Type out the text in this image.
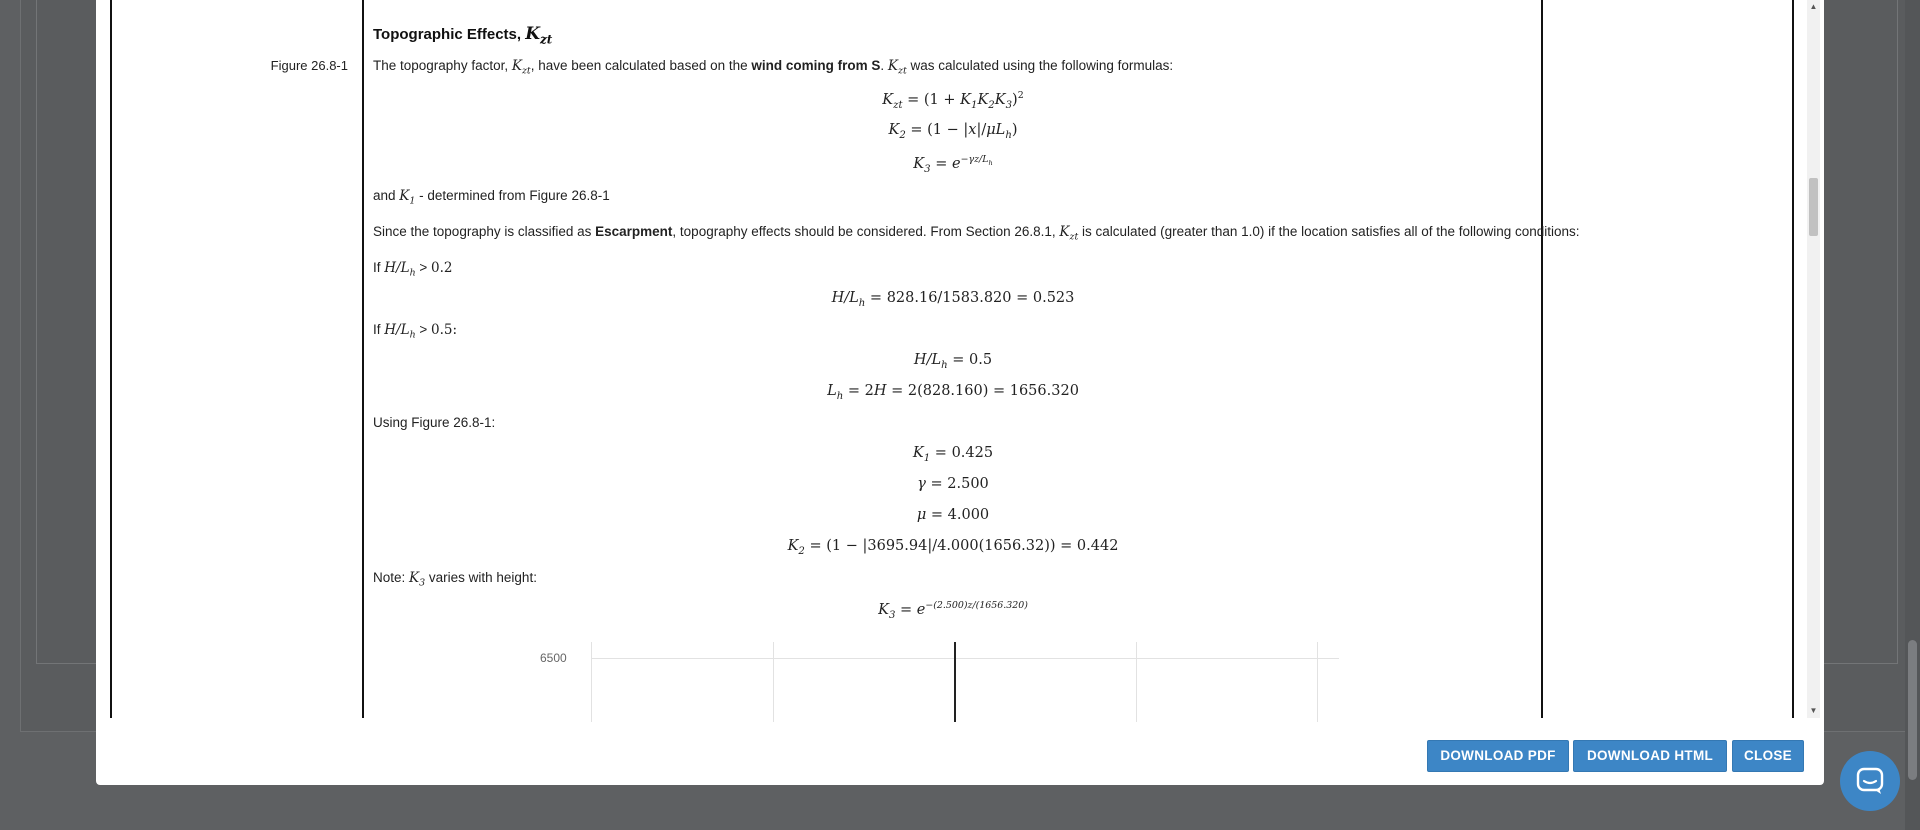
Figure 26.8-1
Topographic Effects, $K_{zt}$
The topography factor, $K_{zt}$, have been calculated based on the wind coming from S. $K_{zt}$ was calculated using the following formulas:
$K_{zt} = (1 + K_1K_2K_3)^2$
$K_2 = (1 - |x|/\mu L_h)$
$K_3 = e^{-\gamma z/L_h}$
and $K_1$ - determined from Figure 26.8-1
Since the topography is classified as Escarpment, topography effects should be considered. From Section 26.8.1, $K_{zt}$ is calculated (greater than 1.0) if the location satisfies all of the following conditions:
If $H/L_h > 0.2$
$H/L_h = 828.16/1583.820 = 0.523$
If $H/L_h > 0.5$:
$H/L_h = 0.5$
$L_h = 2H = 2(828.160) = 1656.320$
Using Figure 26.8-1:
$K_1 = 0.425$
γ = 2.500
μ = 4.000
$K_2 = (1 - |3695.94|/4.000(1656.32)) = 0.442$
Note: $K_3$ varies with height:
$K_3 = e^{-(2.500)z/(1656.320)}$
6500
▲
▼
DOWNLOAD PDF	DOWNLOAD HTML	CLOSE
